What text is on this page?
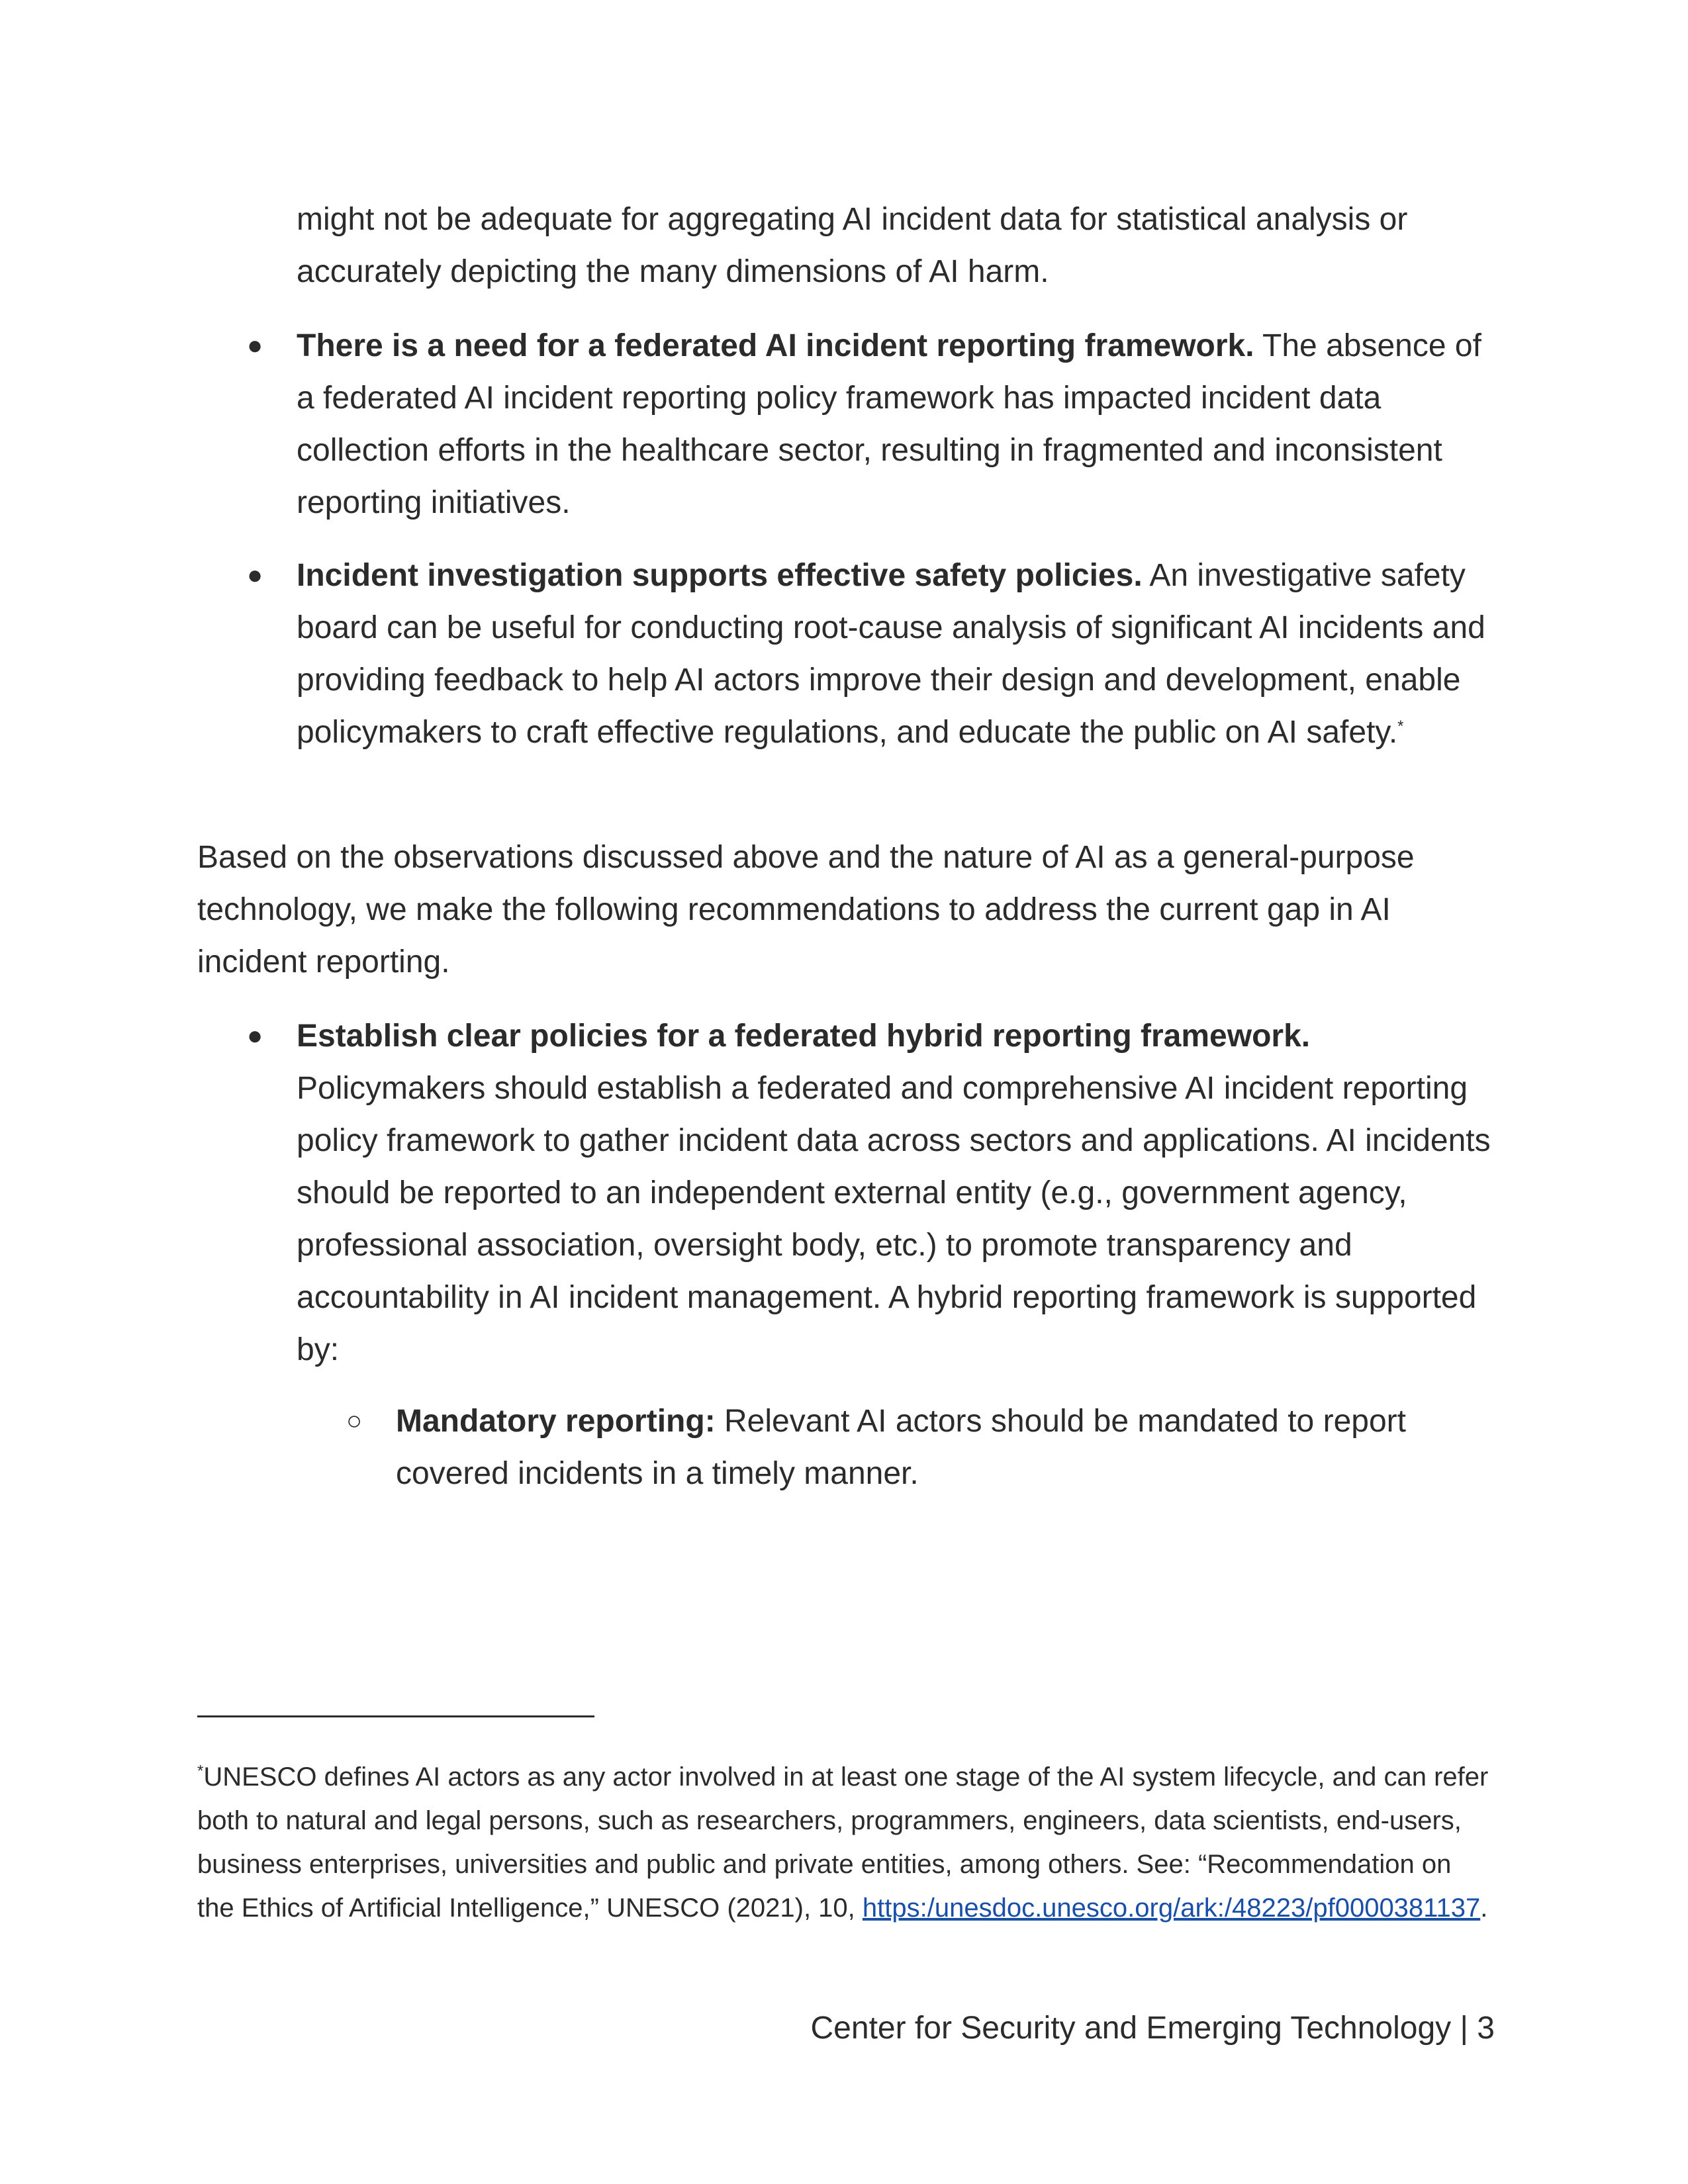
might not be adequate for aggregating AI incident data for statistical analysis or accurately depicting the many dimensions of AI harm.
● There is a need for a federated AI incident reporting framework. The absence of a federated AI incident reporting policy framework has impacted incident data collection efforts in the healthcare sector, resulting in fragmented and inconsistent reporting initiatives.
● Incident investigation supports effective safety policies. An investigative safety board can be useful for conducting root-cause analysis of significant AI incidents and providing feedback to help AI actors improve their design and development, enable policymakers to craft effective regulations, and educate the public on AI safety.*
Based on the observations discussed above and the nature of AI as a general-purpose technology, we make the following recommendations to address the current gap in AI incident reporting.
● Establish clear policies for a federated hybrid reporting framework. Policymakers should establish a federated and comprehensive AI incident reporting policy framework to gather incident data across sectors and applications. AI incidents should be reported to an independent external entity (e.g., government agency, professional association, oversight body, etc.) to promote transparency and accountability in AI incident management. A hybrid reporting framework is supported by:
○ Mandatory reporting: Relevant AI actors should be mandated to report covered incidents in a timely manner.
*UNESCO defines AI actors as any actor involved in at least one stage of the AI system lifecycle, and can refer both to natural and legal persons, such as researchers, programmers, engineers, data scientists, end-users, business enterprises, universities and public and private entities, among others. See: “Recommendation on the Ethics of Artificial Intelligence,” UNESCO (2021), 10, https:/unesdoc.unesco.org/ark:/48223/pf0000381137.
Center for Security and Emerging Technology | 3
